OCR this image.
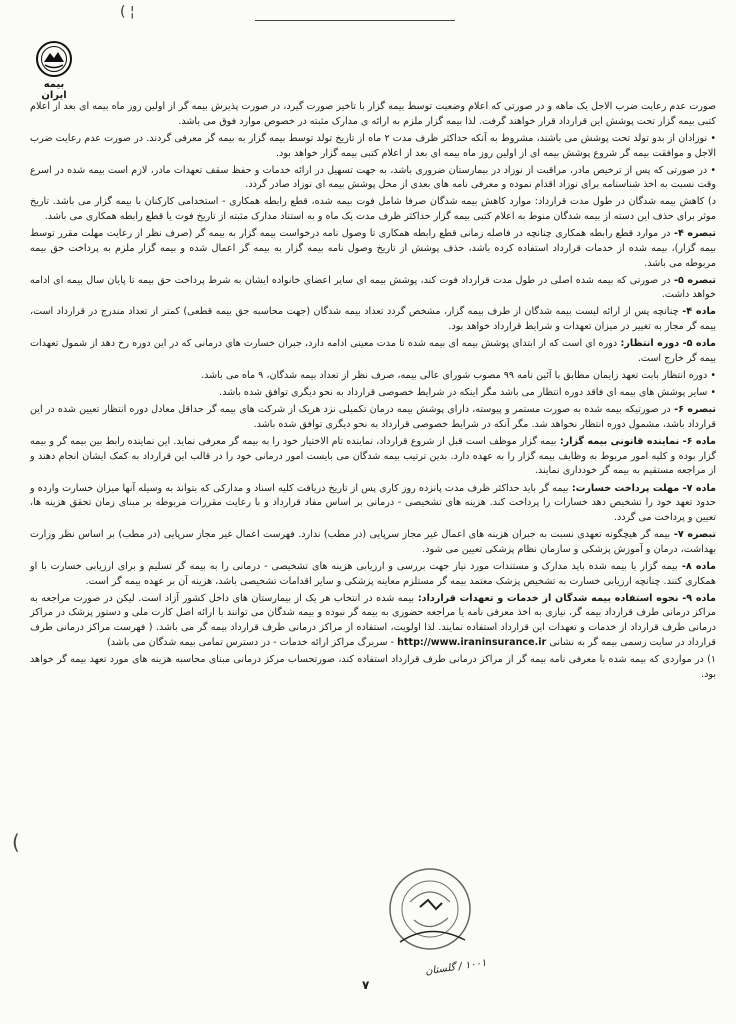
( ¦
بیمه ایران

صورت عدم رعایت ضرب الاجل یک ماهه و در صورتی که اعلام وضعیت توسط بیمه گزار با تاخیر صورت گیرد، در صورت پذیرش بیمه گر از اولین روز ماه بیمه ای بعد از اعلام کتبی بیمه گزار تحت پوشش این قرارداد قرار خواهند گرفت. لذا بیمه گزار ملزم به ارائه ی مدارک مثبته در خصوص موارد فوق می باشد.

• نوزادان از بدو تولد تحت پوشش می باشند، مشروط به آنکه حداکثر ظرف مدت ۲ ماه از تاریخ تولد توسط بیمه گزار به بیمه گر معرفی گردند. در صورت عدم رعایت ضرب الاجل و موافقت بیمه گر شروع پوشش بیمه ای از اولین روز ماه بیمه ای بعد از اعلام کتبی بیمه گزار خواهد بود.

• در صورتی که پس از ترخیص مادر، مراقبت از نوزاد در بیمارستان ضروری باشد، به جهت تسهیل در ارائه خدمات و حفظ سقف تعهدات مادر، لازم است بیمه شده در اسرع وقت نسبت به اخذ شناسنامه برای نوزاد اقدام نموده و معرفی نامه های بعدی از محل پوشش بیمه ای نوزاد صادر گردد.

د) کاهش بیمه شدگان در طول مدت قرارداد: موارد کاهش بیمه شدگان صرفا شامل فوت بیمه شده، قطع رابطه همکاری - استخدامی کارکنان با بیمه گزار می باشد. تاریخ موثر برای حذف این دسته از بیمه شدگان منوط به اعلام کتبی بیمه گزار حداکثر ظرف مدت یک ماه و به استناد مدارک مثبته از تاریخ فوت یا قطع رابطه همکاری می باشد.

تبصره ۴- در موارد قطع رابطه همکاری چنانچه در فاصله زمانی قطع رابطه همکاری تا وصول نامه درخواست بیمه گزار به بیمه گر (صرف نظر از رعایت مهلت مقرر توسط بیمه گزار)، بیمه شده از خدمات قرارداد استفاده کرده باشد، حذف پوشش از تاریخ وصول نامه بیمه گزار به بیمه گر اعمال شده و بیمه گزار ملزم به پرداخت حق بیمه مربوطه می باشد.

تبصره ۵- در صورتی که بیمه شده اصلی در طول مدت قرارداد فوت کند، پوشش بیمه ای سایر اعضای خانواده ایشان به شرط پرداخت حق بیمه تا پایان سال بیمه ای ادامه خواهد داشت.

ماده ۴- چنانچه پس از ارائه لیست بیمه شدگان از طرف بیمه گزار، مشخص گردد تعداد بیمه شدگان (جهت محاسبه حق بیمه قطعی) کمتر از تعداد مندرج در قرارداد است، بیمه گر مجاز به تغییر در میزان تعهدات و شرایط قرارداد خواهد بود.

ماده ۵- دوره انتظار: دوره ای است که از ابتدای پوشش بیمه ای بیمه شده تا مدت معینی ادامه دارد، جبران خسارت های درمانی که در این دوره رخ دهد از شمول تعهدات بیمه گر خارج است.

• دوره انتظار بابت تعهد زایمان مطابق با آئین نامه ۹۹ مصوب شورای عالی بیمه، صرف نظر از تعداد بیمه شدگان، ۹ ماه می باشد.

• سایر پوشش های بیمه ای فاقد دوره انتظار می باشد مگر اینکه در شرایط خصوصی قرارداد به نحو دیگری توافق شده باشد.

تبصره ۶- در صورتیکه بیمه شده به صورت مستمر و پیوسته، دارای پوشش بیمه درمان تکمیلی نزد هریک از شرکت های بیمه گر حداقل معادل دوره انتظار تعیین شده در این قرارداد باشد، مشمول دوره انتظار نخواهد شد. مگر آنکه در شرایط خصوصی قرارداد به نحو دیگری توافق شده باشد.

ماده ۶- نماینده قانونی بیمه گزار: بیمه گزار موظف است قبل از شروع قرارداد، نماینده تام الاختیار خود را به بیمه گر معرفی نماید. این نماینده رابط بین بیمه گر و بیمه گزار بوده و کلیه امور مربوط به وظایف بیمه گزار را به عهده دارد. بدین ترتیب بیمه شدگان می بایست امور درمانی خود را در قالب این قرارداد به کمک ایشان انجام دهند و از مراجعه مستقیم به بیمه گر خودداری نمایند.

ماده ۷- مهلت پرداخت خسارت: بیمه گر باید حداکثر ظرف مدت پانزده روز کاری پس از تاریخ دریافت کلیه اسناد و مدارکی که بتواند به وسیله آنها میزان خسارت وارده و حدود تعهد خود را تشخیص دهد خسارات را پرداخت کند. هزینه های تشخیصی - درمانی بر اساس مفاد قرارداد و با رعایت مقررات مربوطه بر مبنای زمان تحقق هزینه ها، تعیین و پرداخت می گردد.

تبصره ۷- بیمه گر هیچگونه تعهدی نسبت به جبران هزینه های اعمال غیر مجاز سرپایی (در مطب) ندارد. فهرست اعمال غیر مجاز سرپایی (در مطب) بر اساس نظر وزارت بهداشت، درمان و آموزش پزشکی و سازمان نظام پزشکی تعیین می شود.

ماده ۸- بیمه گزار یا بیمه شده باید مدارک و مستندات مورد نیاز جهت بررسی و ارزیابی هزینه های تشخیصی - درمانی را به بیمه گر تسلیم و برای ارزیابی خسارت با او همکاری کنند. چنانچه ارزیابی خسارت به تشخیص پزشک معتمد بیمه گر مستلزم معاینه پزشکی و سایر اقدامات تشخیصی باشد، هزینه آن بر عهده بیمه گر است.

ماده ۹- نحوه استفاده بیمه شدگان از خدمات و تعهدات قرارداد: بیمه شده در انتخاب هر یک از بیمارستان های داخل کشور آزاد است. لیکن در صورت مراجعه به مراکز درمانی طرف قرارداد بیمه گر، نیازی به اخذ معرفی نامه یا مراجعه حضوری به بیمه گر نبوده و بیمه شدگان می توانند با ارائه اصل کارت ملی و دستور پزشک در مراکز درمانی طرف قرارداد از خدمات و تعهدات این قرارداد استفاده نمایند. لذا اولویت، استفاده از مراکز درمانی طرف قرارداد بیمه گر می باشد. ( فهرست مراکز درمانی طرف قرارداد در سایت رسمی بیمه گر به نشانی http://www.iraninsurance.ir - سربرگ مراکز ارائه خدمات - در دسترس تمامی بیمه شدگان می باشد)

۱) در مواردی که بیمه شده با معرفی نامه بیمه گر از مراکز درمانی طرف قرارداد استفاده کند، صورتحساب مرکز درمانی مبنای محاسبه هزینه های مورد تعهد بیمه گر خواهد بود.

)
۱۰۰۱ / گلستان
۷
